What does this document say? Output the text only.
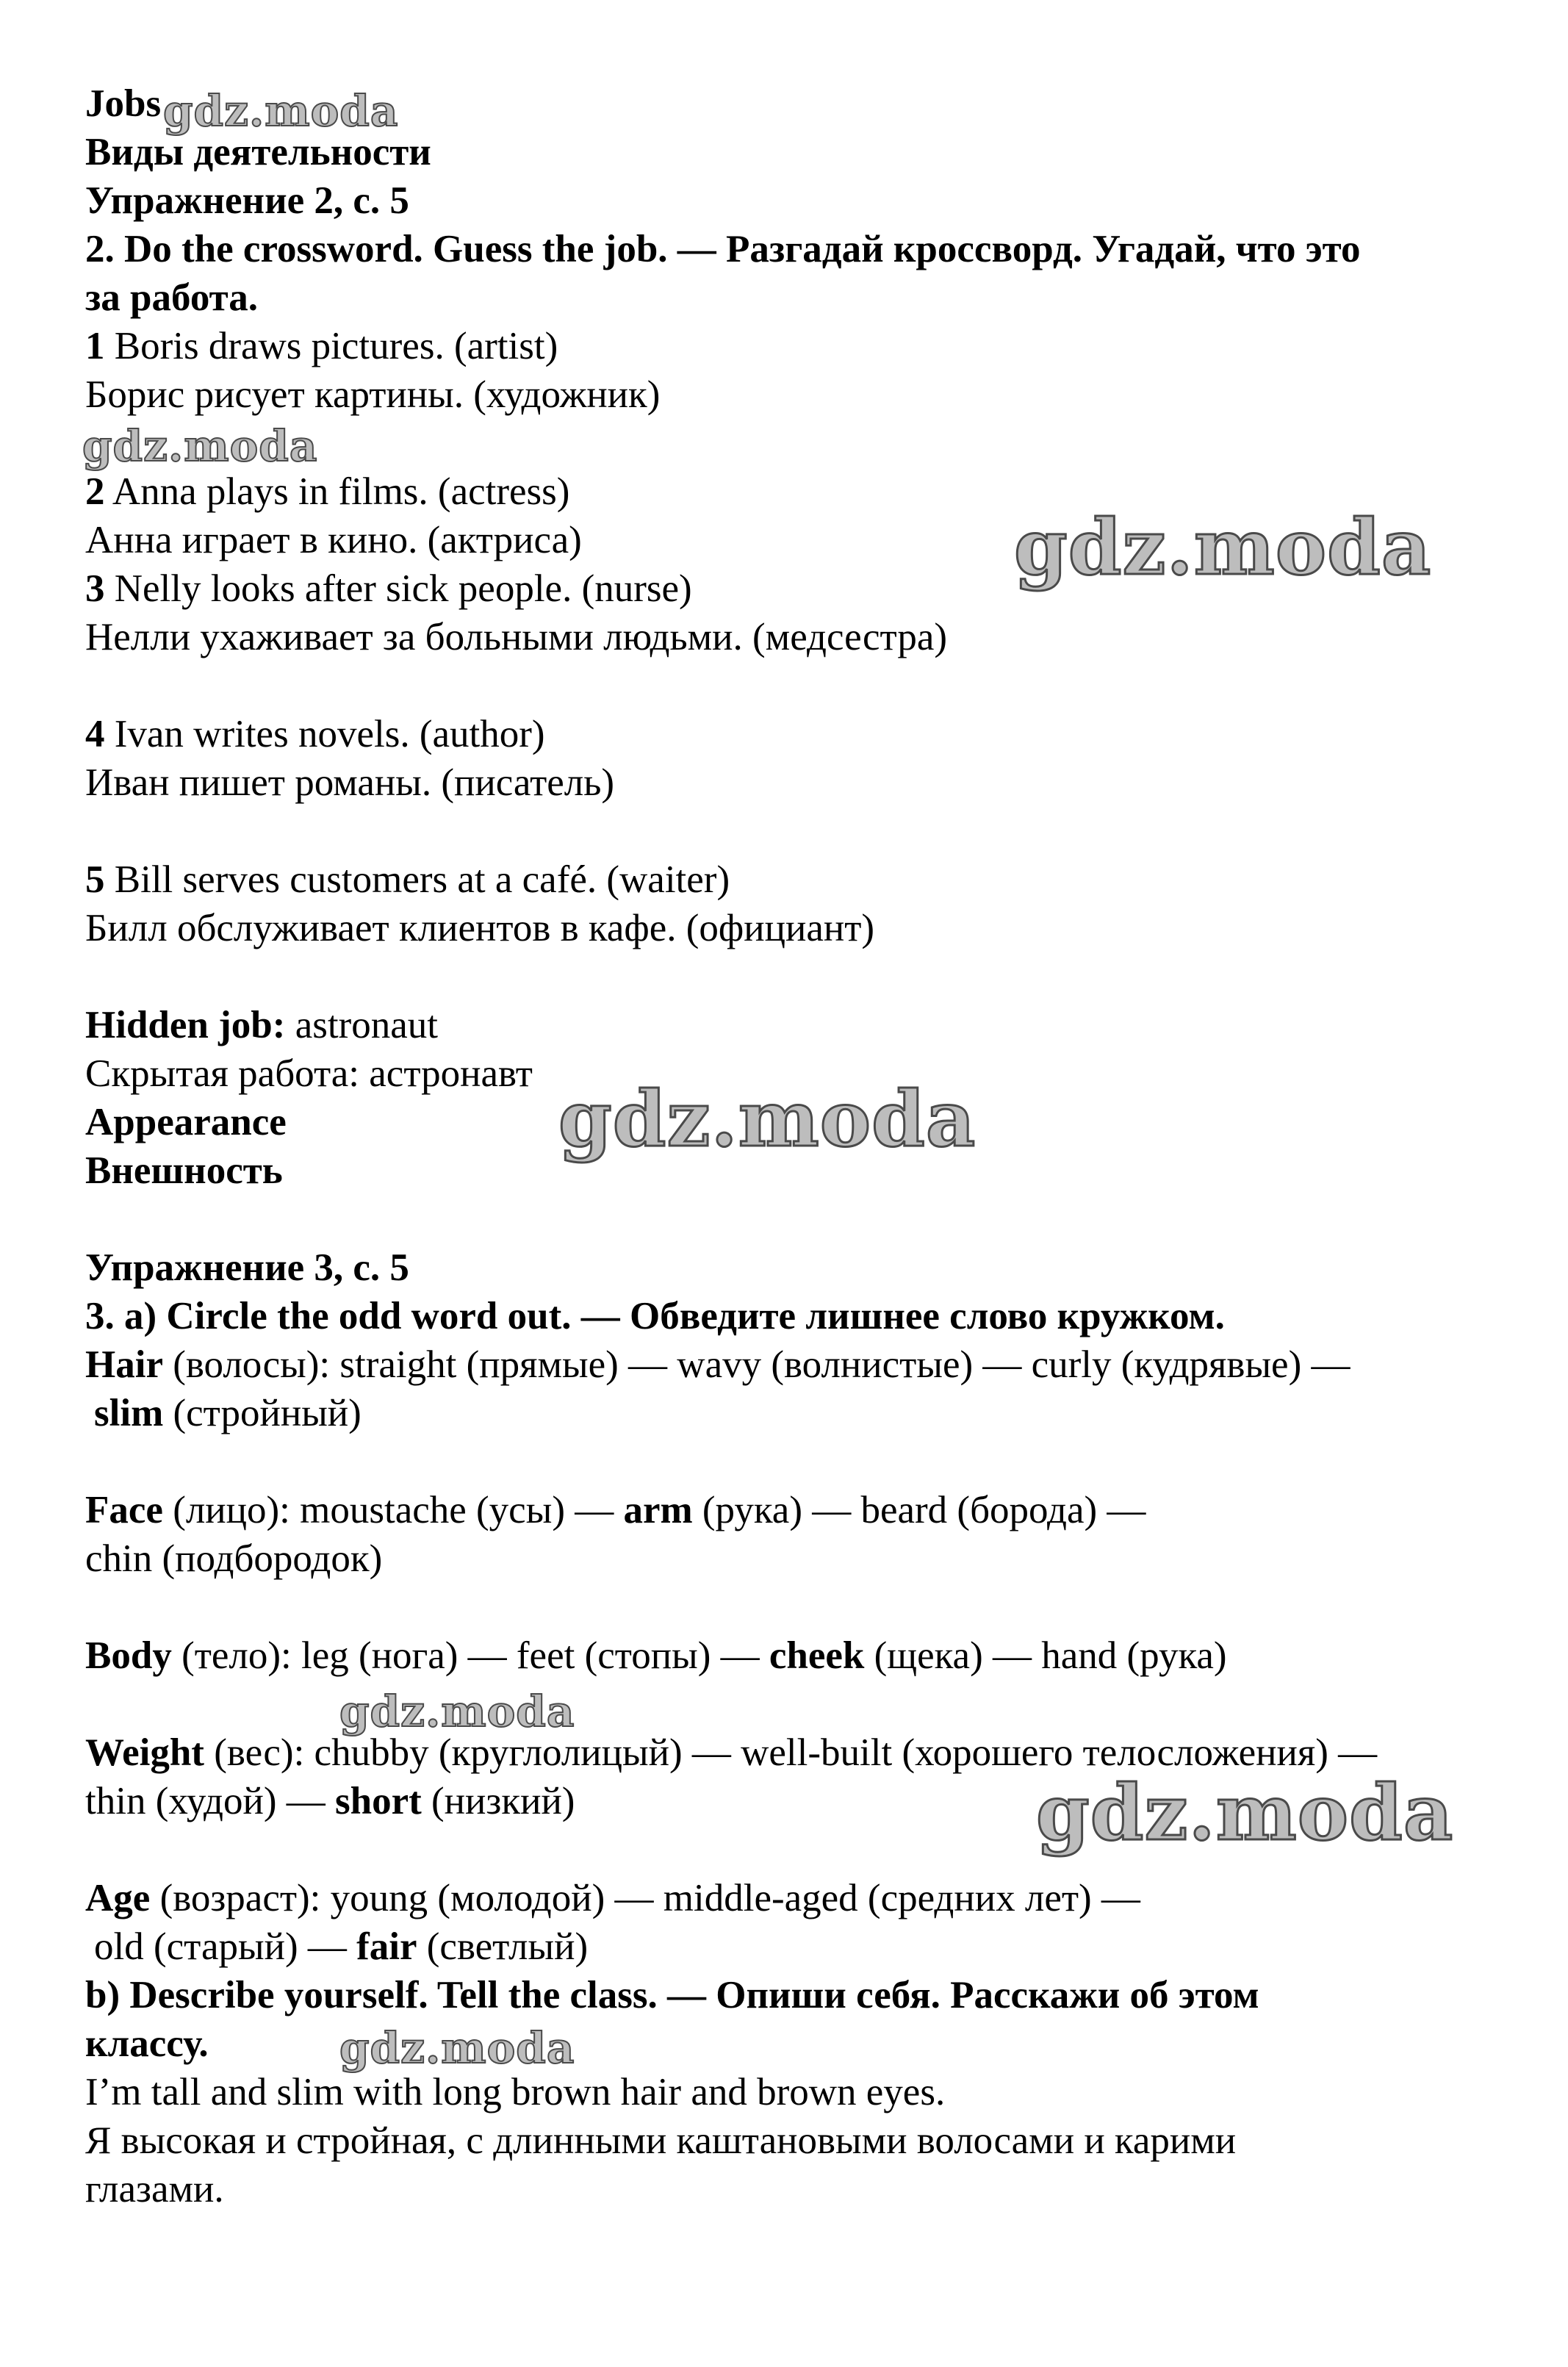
Jobs
Виды деятельности
Упражнение 2, с. 5
2. Do the crossword. Guess the job. — Разгадай кроссворд. Угадай, что это
за работа.
1 Boris draws pictures. (artist)
Борис рисует картины. (художник)
2 Anna plays in films. (actress)
Анна играет в кино. (актриса)
3 Nelly looks after sick people. (nurse)
Нелли ухаживает за больными людьми. (медсестра)
4 Ivan writes novels. (author)
Иван пишет романы. (писатель)
5 Bill serves customers at a café. (waiter)
Билл обслуживает клиентов в кафе. (официант)
Hidden job: astronaut
Скрытая работа: астронавт
Appearance
Внешность
Упражнение 3, с. 5
3. a) Circle the odd word out. — Обведите лишнее слово кружком.
Hair (волосы): straight (прямые) — wavy (волнистые) — curly (кудрявые) —
slim (стройный)
Face (лицо): moustache (усы) — arm (рука) — beard (борода) —
chin (подбородок)
Body (тело): leg (нога) — feet (стопы) — cheek (щека) — hand (рука)
Weight (вес): chubby (круглолицый) — well-built (хорошего телосложения) —
thin (худой) — short (низкий)
Age (возраст): young (молодой) — middle-aged (средних лет) —
old (старый) — fair (светлый)
b) Describe yourself. Tell the class. — Опиши себя. Расскажи об этом
классу.
I’m tall and slim with long brown hair and brown eyes.
Я высокая и стройная, с длинными каштановыми волосами и карими
глазами.
gdz.moda
gdz.moda
gdz.moda
gdz.moda
gdz.moda
gdz.moda
gdz.moda
